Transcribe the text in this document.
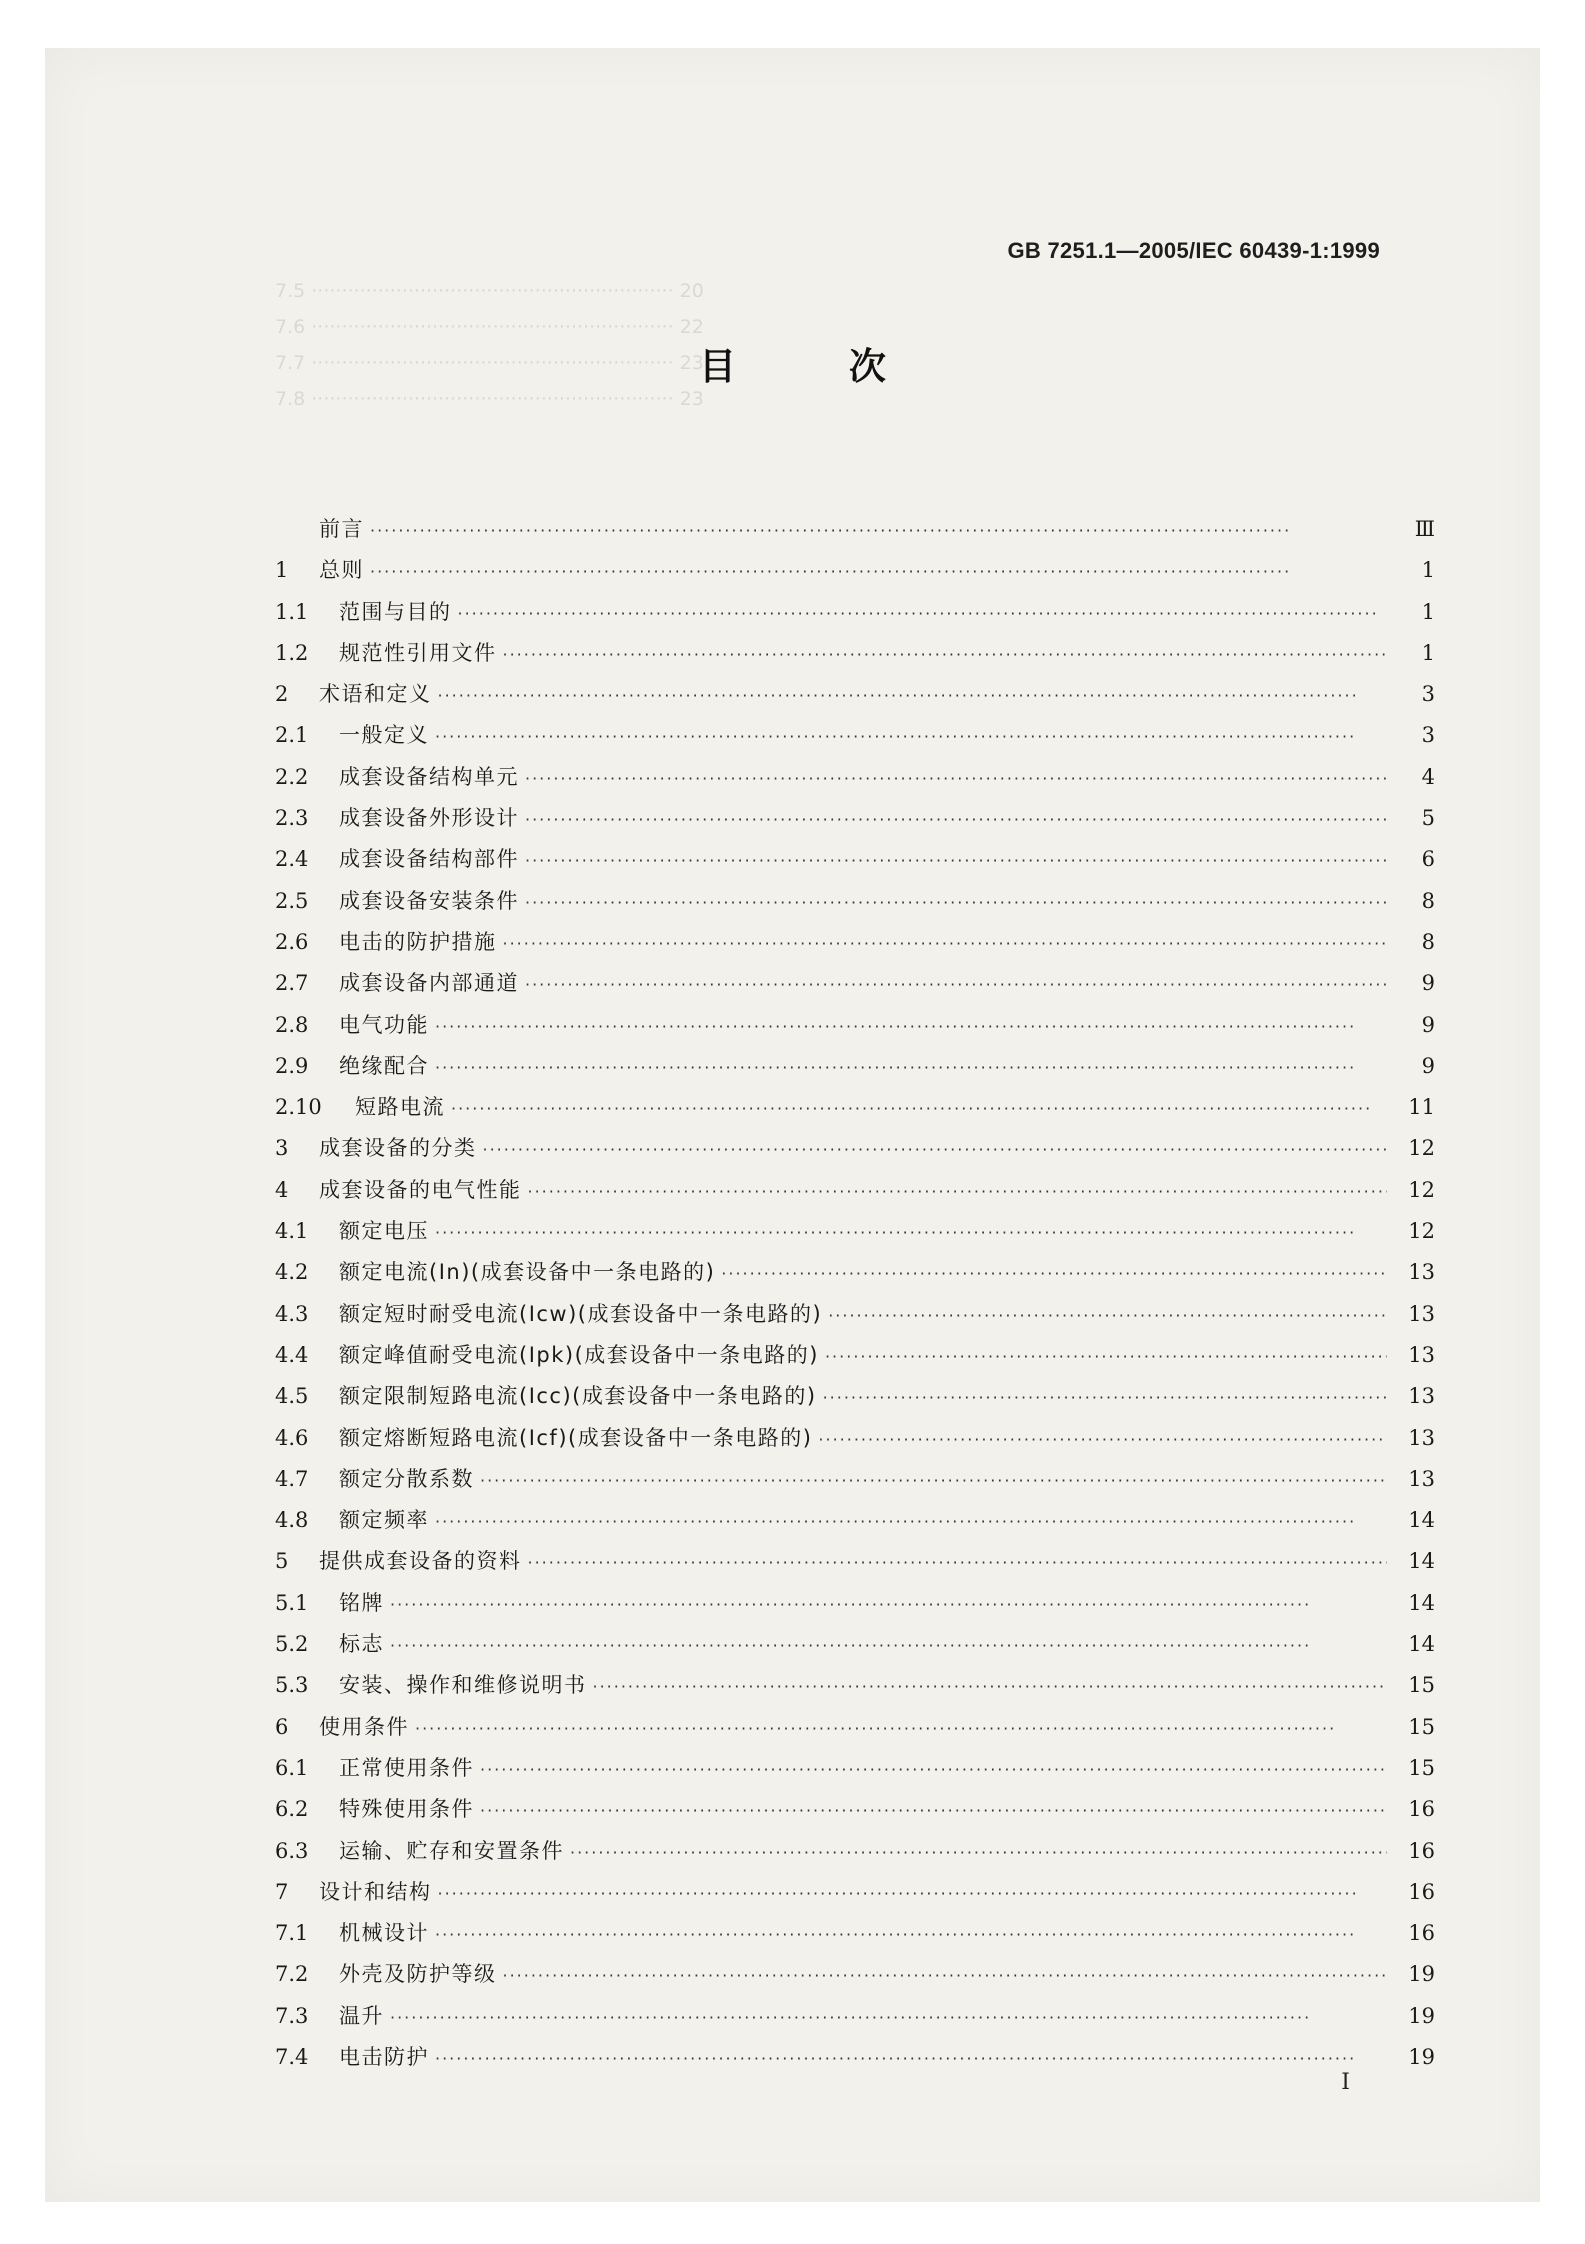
GB 7251.1—2005/IEC 60439-1:1999
目 次
7.5 ···························································· 20
7.6 ···························································· 22
7.7 ···························································· 23
7.8 ···························································· 23
前言 ·····	Ⅲ
1	总则 ·····	1
1.1	范围与目的 ·····	1
1.2	规范性引用文件 ·····	1
2	术语和定义 ·····	3
2.1	一般定义 ·····	3
2.2	成套设备结构单元 ·····	4
2.3	成套设备外形设计 ·····	5
2.4	成套设备结构部件 ·····	6
2.5	成套设备安装条件 ·····	8
2.6	电击的防护措施 ·····	8
2.7	成套设备内部通道 ·····	9
2.8	电气功能 ·····	9
2.9	绝缘配合 ·····	9
2.10	短路电流 ·····	11
3	成套设备的分类 ·····	12
4	成套设备的电气性能 ·····	12
4.1	额定电压 ·····	12
4.2	额定电流(In)(成套设备中一条电路的) ·····	13
4.3	额定短时耐受电流(Icw)(成套设备中一条电路的) ·····	13
4.4	额定峰值耐受电流(Ipk)(成套设备中一条电路的) ·····	13
4.5	额定限制短路电流(Icc)(成套设备中一条电路的) ·····	13
4.6	额定熔断短路电流(Icf)(成套设备中一条电路的) ·····	13
4.7	额定分散系数 ·····	13
4.8	额定频率 ·····	14
5	提供成套设备的资料 ·····	14
5.1	铭牌 ·····	14
5.2	标志 ·····	14
5.3	安装、操作和维修说明书 ·····	15
6	使用条件 ·····	15
6.1	正常使用条件 ·····	15
6.2	特殊使用条件 ·····	16
6.3	运输、贮存和安置条件 ·····	16
7	设计和结构 ·····	16
7.1	机械设计 ·····	16
7.2	外壳及防护等级 ·····	19
7.3	温升 ·····	19
7.4	电击防护 ·····	19
Ⅰ
